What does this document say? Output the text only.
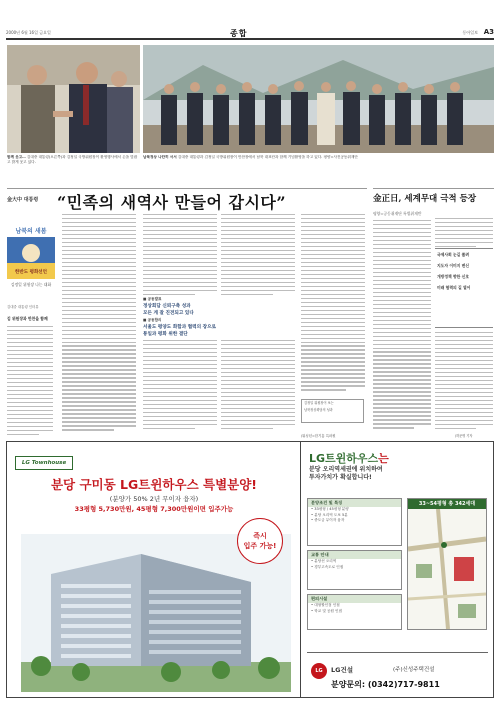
2000년 6월 16일 금요일	종합	동아일보 A3
함께 웃고… 김대중 대통령(오른쪽)과 김정일 국방위원장이 환영행사에서 손을 맞잡고 밝게 웃고 있다.
남북정상 나란히 서서 김대중 대통령과 김정일 국방위원장이 만찬장에서 남북 대표단과 함께 기념촬영을 하고 있다. 평양=사진공동취재단
金大中 대통령 “민족의 새역사 만들어 갑시다”
남북의 새봄
한반도 평화선언
김정일 위원장 나는 대화
김대중 대통령 인터뷰
김 위원장과 만찬을 함께
■ 공동발표
정상회담 신뢰구축 성과
모든 게 잘 진전되고 있다
■ 공동합의
서울도 평양도 화합과 협력의 장으로
통일과 평화 위한 결단
김정일 위원장이 보는
남북정상회담의 성과
/워싱턴=한기흥 특파원
金正日, 세계무대 극적 등장
평양=공동취재단 특별취재반
국제사회 눈길 쏠려
지도자 이미지 변신
개방정책 향한 신호
미래 협력의 길 열어
/허문명 기자
LG Townhouse
분당 구미동 LG트윈하우스 특별분양!
(분양가 50% 2년 무이자 융자)
33평형 5,730만원, 45평형 7,300만원이면 입주가능
즉시
입주 가능!
LG트윈하우스는
분당 오리역세권에 위치하여
투자가치가 확실합니다!
분양조건 및 특징
• 33평형 / 45평형 분양
• 분당 오리역 도보 5분
• 중도금 무이자 융자
교통 안내
• 분당선 오리역
• 경부고속도로 인접
편의시설
• 대형할인점 인접
• 학교 및 공원 인접
33~54평형 총 342세대
LG	LG건설	(주)신성주택건설
분양문의: (0342)717-9811
